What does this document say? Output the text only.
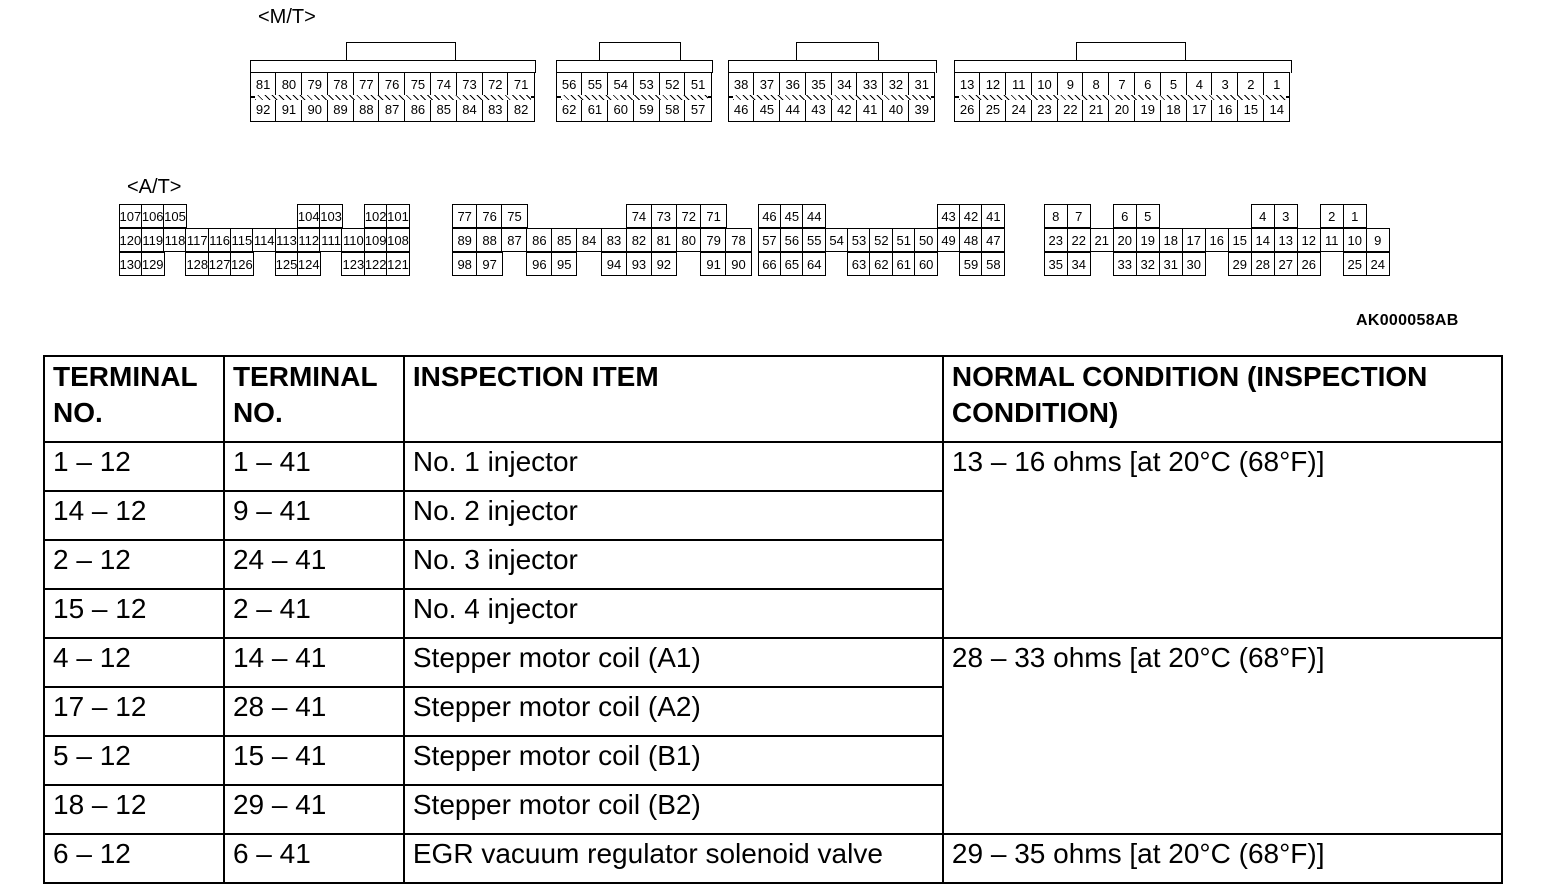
<M/T>
81 80 79 78 77 76 75 74 73 72 71
92 91 90 89 88 87 86 85 84 83 82
56 55 54 53 52 51
62 61 60 59 58 57
38 37 36 35 34 33 32 31
46 45 44 43 42 41 40 39
13 12 11 10	9	8	7	6	5	4	3	2	1
26 25 24 23 22 21 20 19 18 17 16 15 14
<A/T>
107 106 105	104 103 102 101
120 119 118 117 116 115 114 113 112 111 110 109 108
130 129 128 127 126 125 124 123 122 121
77 76 75	74 73 72 71
89 88 87 86 85 84 83 82 81 80 79 78
98 97	96 95	94 93 92	91 90
46 45 44	43 42 41
57 56 55 54 53 52 51 50 49 48 47
66 65 64	63 62 61 60	59 58
8	7	6	5	4	3	2	1
23 22 21 20 19 18 17 16 15 14 13 12 11 10 9
35 34	33 32 31 30	29 28 27 26	25 24
AK000058AB
TERMINAL NO.	TERMINAL NO.	INSPECTION ITEM	NORMAL CONDITION (INSPECTION CONDITION)
1 – 12	1 – 41	No. 1 injector	13 – 16 ohms [at 20°C (68°F)]
14 – 12	9 – 41	No. 2 injector	
2 – 12	24 – 41	No. 3 injector	
15 – 12	2 – 41	No. 4 injector	
4 – 12	14 – 41	Stepper motor coil (A1)	28 – 33 ohms [at 20°C (68°F)]
17 – 12	28 – 41	Stepper motor coil (A2)	
5 – 12	15 – 41	Stepper motor coil (B1)	
18 – 12	29 – 41	Stepper motor coil (B2)	
6 – 12	6 – 41	EGR vacuum regulator solenoid valve	29 – 35 ohms [at 20°C (68°F)]
